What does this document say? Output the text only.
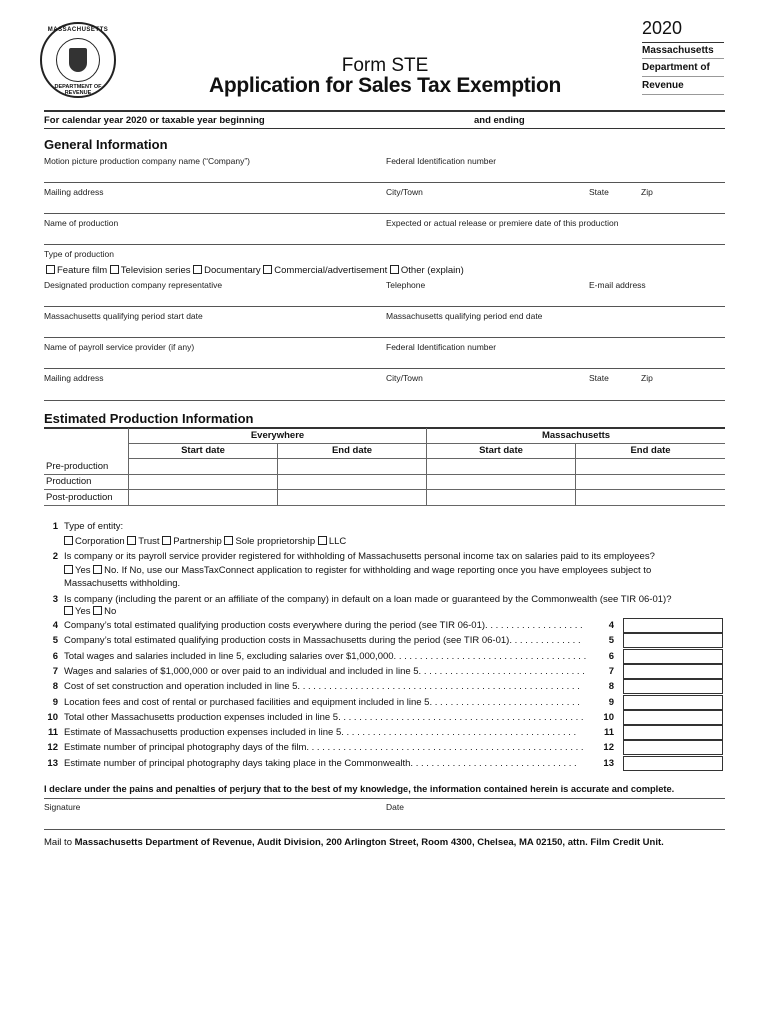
MASSACHUSETTS
DEPARTMENT OF REVENUE
Form STE
Application for Sales Tax Exemption
2020
Massachusetts
Department of
Revenue
For calendar year 2020 or taxable year beginning	and ending
General Information
Motion picture production company name (“Company”)	Federal Identification number
Mailing address	City/Town	State	Zip
Name of production	Expected or actual release or premiere date of this production
Type of production
Feature film Television series Documentary Commercial/advertisement Other (explain)
Designated production company representative	Telephone	E-mail address
Massachusetts qualifying period start date	Massachusetts qualifying period end date
Name of payroll service provider (if any)	Federal Identification number
Mailing address	City/Town	State	Zip
Estimated Production Information
	Everywhere		Massachusetts	
	Start date	End date	Start date	End date
Pre-production				
Production				
Post-production				
1 Type of entity:
Corporation Trust Partnership Sole proprietorship LLC
2 Is company or its payroll service provider registered for withholding of Massachusetts personal income tax on salaries paid to its employees?
Yes No. If No, use our MassTaxConnect application to register for withholding and wage reporting once you have employees subject to
Massachusetts withholding.
3 Is company (including the parent or an affiliate of the company) in default on a loan made or guaranteed by the Commonwealth (see TIR 06-01)?
Yes No
4 Company’s total estimated qualifying production costs everywhere during the period (see TIR 06-01). . . . . . . . . . . . . . . . . . .	4
5 Company’s total estimated qualifying production costs in Massachusetts during the period (see TIR 06-01). . . . . . . . . . . . . .	5
6 Total wages and salaries included in line 5, excluding salaries over $1,000,000. . . . . . . . . . . . . . . . . . . . . . . . . . . . . . . . . . . . .	6
7 Wages and salaries of $1,000,000 or over paid to an individual and included in line 5. . . . . . . . . . . . . . . . . . . . . . . . . . . . . . . .	7
8 Cost of set construction and operation included in line 5. . . . . . . . . . . . . . . . . . . . . . . . . . . . . . . . . . . . . . . . . . . . . . . . . . . . . .	8
9 Location fees and cost of rental or purchased facilities and equipment included in line 5. . . . . . . . . . . . . . . . . . . . . . . . . . . . .	9
10 Total other Massachusetts production expenses included in line 5. . . . . . . . . . . . . . . . . . . . . . . . . . . . . . . . . . . . . . . . . . . . . . .	10
11 Estimate of Massachusetts production expenses included in line 5. . . . . . . . . . . . . . . . . . . . . . . . . . . . . . . . . . . . . . . . . . . . .	11
12 Estimate number of principal photography days of the film. . . . . . . . . . . . . . . . . . . . . . . . . . . . . . . . . . . . . . . . . . . . . . . . . . . . .	12
13 Estimate number of principal photography days taking place in the Commonwealth. . . . . . . . . . . . . . . . . . . . . . . . . . . . . . . .	13
I declare under the pains and penalties of perjury that to the best of my knowledge, the information contained herein is accurate and complete.
Signature	Date
Mail to Massachusetts Department of Revenue, Audit Division, 200 Arlington Street, Room 4300, Chelsea, MA 02150, attn. Film Credit Unit.
